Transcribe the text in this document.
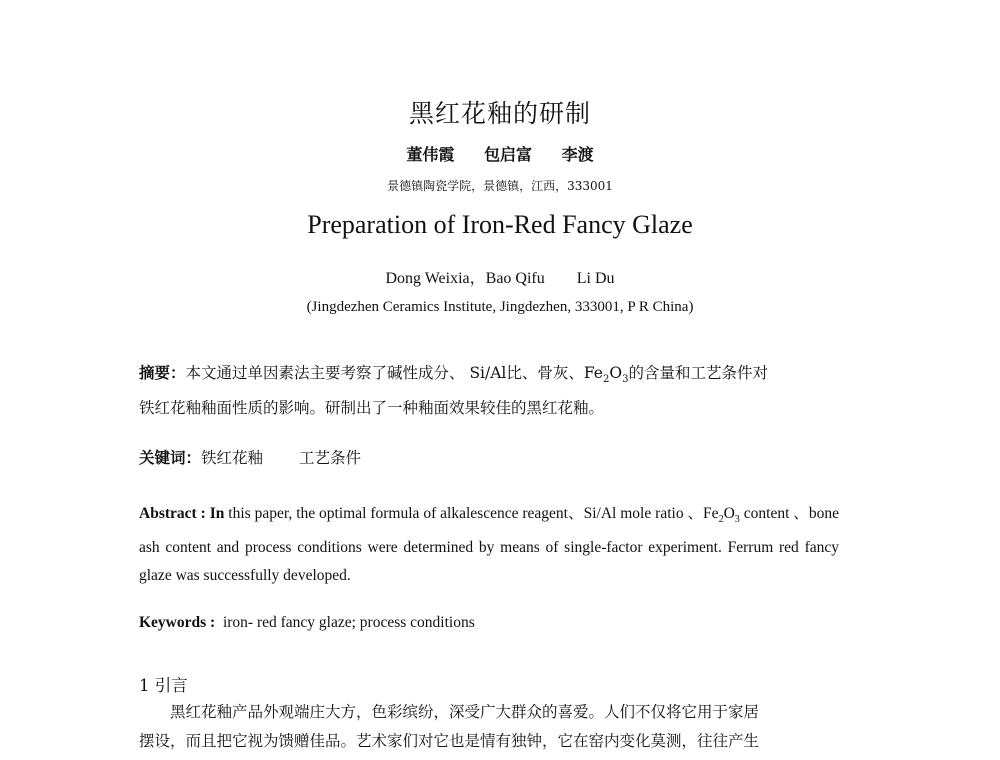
黑红花釉的研制
董伟霞 包启富 李渡
景德镇陶瓷学院，景德镇，江西，333001
Preparation of Iron-Red Fancy Glaze
Dong Weixia，Bao Qifu　　Li Du
(Jingdezhen Ceramics Institute, Jingdezhen, 333001, P R China)
摘要：本文通过单因素法主要考察了碱性成分、 Si/Al比、骨灰、$Fe_2O_3$的含量和工艺条件对
铁红花釉釉面性质的影响。研制出了一种釉面效果较佳的黑红花釉。
关键词：铁红花釉 工艺条件
Abstract : In this paper, the optimal formula of alkalescence reagent、Si/Al mole ratio 、$Fe_2O_3$ content 、bone ash content and process conditions were determined by means of single-factor experiment. Ferrum red fancy glaze was successfully developed.
Keywords : iron- red fancy glaze; process conditions
1 引言
黑红花釉产品外观端庄大方，色彩缤纷，深受广大群众的喜爱。人们不仅将它用于家居
摆设，而且把它视为馈赠佳品。艺术家们对它也是情有独钟，它在窑内变化莫测，往往产生
